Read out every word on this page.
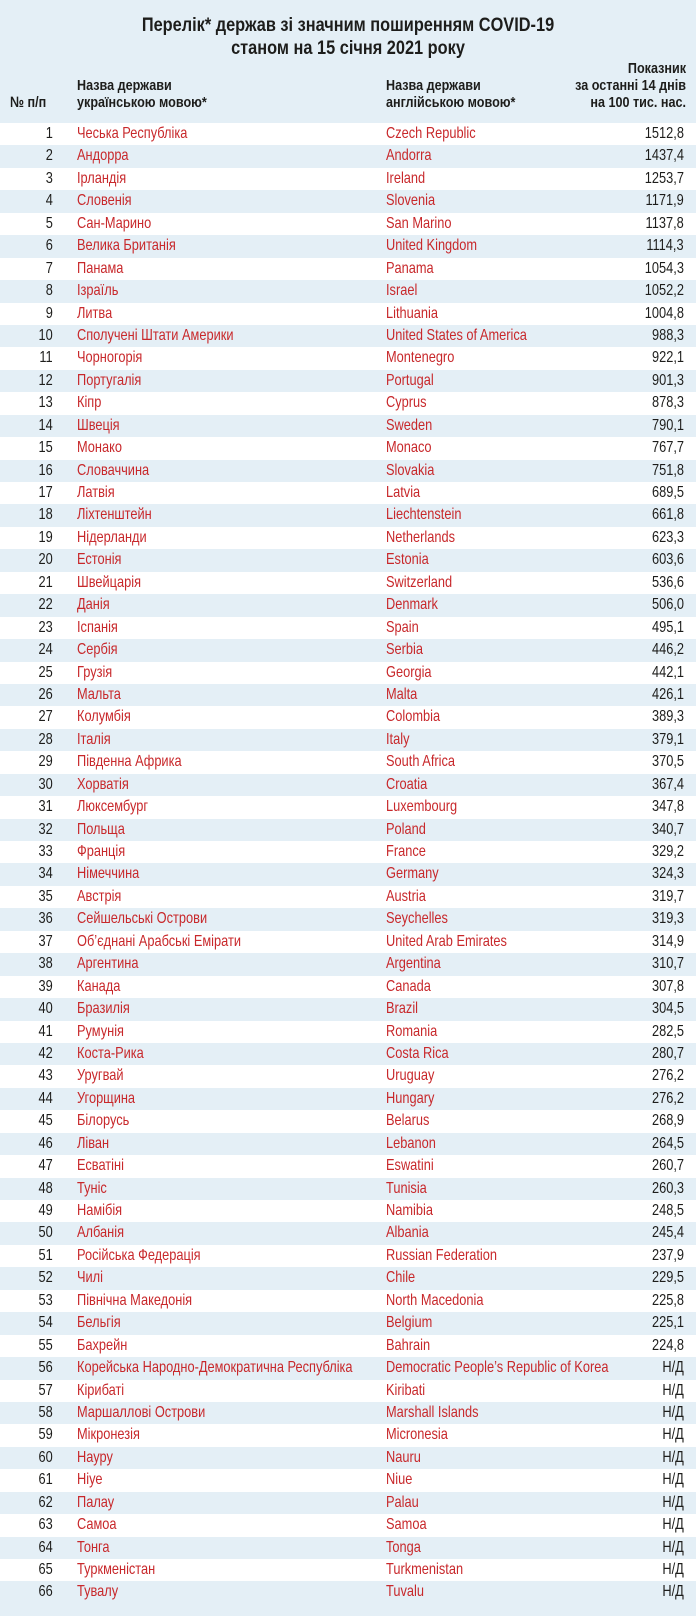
Перелік* держав зі значним поширенням COVID-19
станом на 15 січня 2021 року
№ п/п
Назва держави
українською мовою*
Назва держави
англійською мовою*
Показник
за останні 14 днів
на 100 тис. нас.
1 Чеська Республіка	Czech Republic	1512,8
2 Андорра	Andorra	1437,4
3 Ірландія	Ireland	1253,7
4 Словенія	Slovenia	1171,9
5 Сан-Марино	San Marino	1137,8
6 Велика Британія	United Kingdom	1114,3
7 Панама	Panama	1054,3
8 Ізраїль	Israel	1052,2
9 Литва	Lithuania	1004,8
10 Сполучені Штати Америки	United States of America	988,3
11 Чорногорія	Montenegro	922,1
12 Португалія	Portugal	901,3
13 Кіпр	Cyprus	878,3
14 Швеція	Sweden	790,1
15 Монако	Monaco	767,7
16 Словаччина	Slovakia	751,8
17 Латвія	Latvia	689,5
18 Ліхтенштейн	Liechtenstein	661,8
19 Нідерланди	Netherlands	623,3
20 Естонія	Estonia	603,6
21 Швейцарія	Switzerland	536,6
22 Данія	Denmark	506,0
23 Іспанія	Spain	495,1
24 Сербія	Serbia	446,2
25 Грузія	Georgia	442,1
26 Мальта	Malta	426,1
27 Колумбія	Colombia	389,3
28 Італія	Italy	379,1
29 Південна Африка	South Africa	370,5
30 Хорватія	Croatia	367,4
31 Люксембург	Luxembourg	347,8
32 Польща	Poland	340,7
33 Франція	France	329,2
34 Німеччина	Germany	324,3
35 Австрія	Austria	319,7
36 Сейшельські Острови	Seychelles	319,3
37 Об’єднані Арабські Емірати	United Arab Emirates	314,9
38 Аргентина	Argentina	310,7
39 Канада	Canada	307,8
40 Бразилія	Brazil	304,5
41 Румунія	Romania	282,5
42 Коста-Рика	Costa Rica	280,7
43 Уругвай	Uruguay	276,2
44 Угорщина	Hungary	276,2
45 Білорусь	Belarus	268,9
46 Ліван	Lebanon	264,5
47 Есватіні	Eswatini	260,7
48 Туніс	Tunisia	260,3
49 Намібія	Namibia	248,5
50 Албанія	Albania	245,4
51 Російська Федерація	Russian Federation	237,9
52 Чилі	Chile	229,5
53 Північна Македонія	North Macedonia	225,8
54 Бельгія	Belgium	225,1
55 Бахрейн	Bahrain	224,8
56 Корейська Народно-Демократична Республіка Democratic People’s Republic of Korea	Н/Д
57 Кірибаті	Kiribati	Н/Д
58 Маршаллові Острови	Marshall Islands	Н/Д
59 Мікронезія	Micronesia	Н/Д
60 Науру	Nauru	Н/Д
61 Ніуе	Niue	Н/Д
62 Палау	Palau	Н/Д
63 Самоа	Samoa	Н/Д
64 Тонга	Tonga	Н/Д
65 Туркменістан	Turkmenistan	Н/Д
66 Тувалу	Tuvalu	Н/Д
